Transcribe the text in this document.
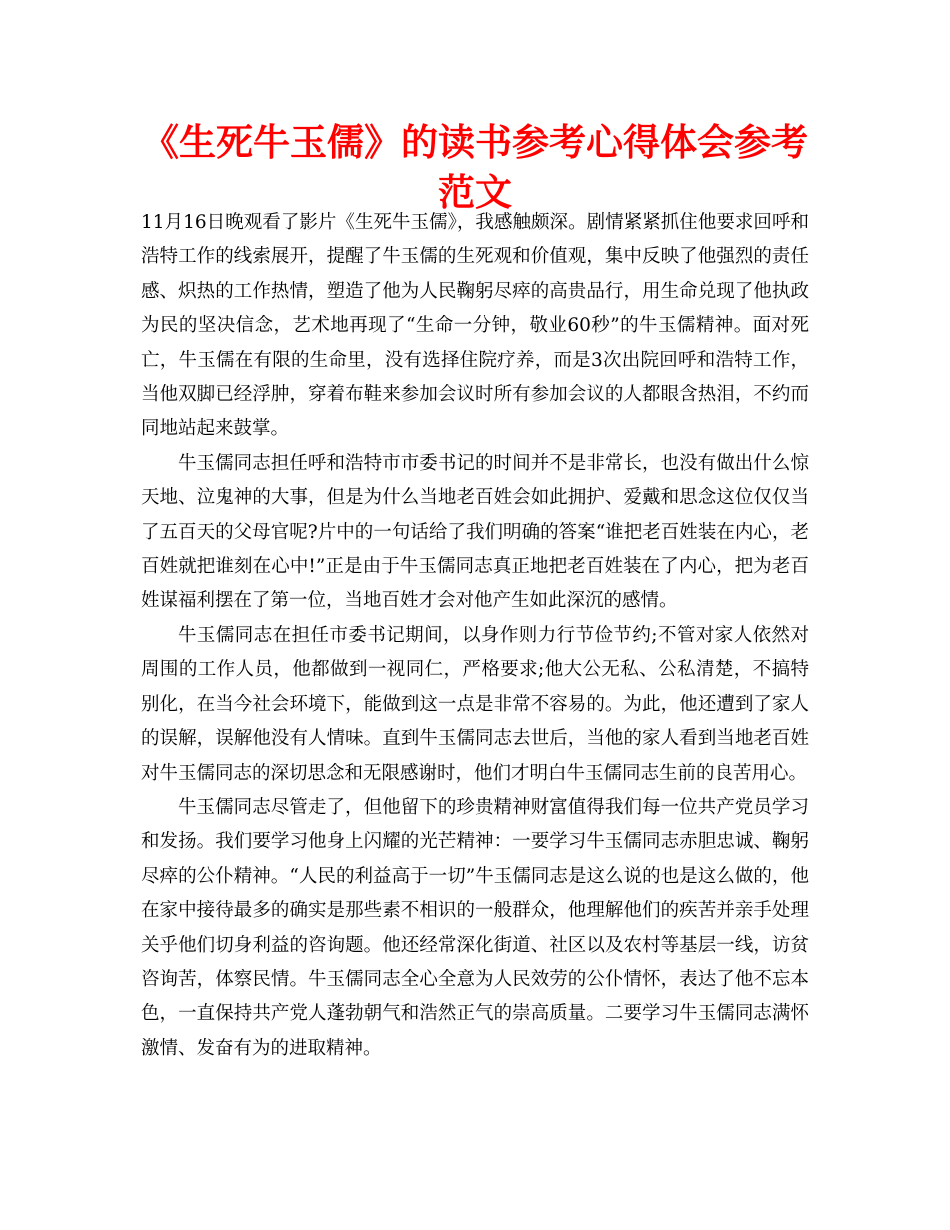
《生死牛玉儒》的读书参考心得体会参考范文

11月16日晚观看了影片《生死牛玉儒》，我感触颇深。剧情紧紧抓住他要求回呼和浩特工作的线索展开，提醒了牛玉儒的生死观和价值观，集中反映了他强烈的责任感、炽热的工作热情，塑造了他为人民鞠躬尽瘁的高贵品行，用生命兑现了他执政为民的坚决信念，艺术地再现了“生命一分钟，敬业60秒”的牛玉儒精神。面对死亡，牛玉儒在有限的生命里，没有选择住院疗养，而是3次出院回呼和浩特工作，当他双脚已经浮肿，穿着布鞋来参加会议时所有参加会议的人都眼含热泪，不约而同地站起来鼓掌。

牛玉儒同志担任呼和浩特市市委书记的时间并不是非常长，也没有做出什么惊天地、泣鬼神的大事，但是为什么当地老百姓会如此拥护、爱戴和思念这位仅仅当了五百天的父母官呢?片中的一句话给了我们明确的答案“谁把老百姓装在内心，老百姓就把谁刻在心中!”正是由于牛玉儒同志真正地把老百姓装在了内心，把为老百姓谋福利摆在了第一位，当地百姓才会对他产生如此深沉的感情。

牛玉儒同志在担任市委书记期间，以身作则力行节俭节约;不管对家人依然对周围的工作人员，他都做到一视同仁，严格要求;他大公无私、公私清楚，不搞特别化，在当今社会环境下，能做到这一点是非常不容易的。为此，他还遭到了家人的误解，误解他没有人情味。直到牛玉儒同志去世后，当他的家人看到当地老百姓对牛玉儒同志的深切思念和无限感谢时，他们才明白牛玉儒同志生前的良苦用心。

牛玉儒同志尽管走了，但他留下的珍贵精神财富值得我们每一位共产党员学习和发扬。我们要学习他身上闪耀的光芒精神：一要学习牛玉儒同志赤胆忠诚、鞠躬尽瘁的公仆精神。“人民的利益高于一切”牛玉儒同志是这么说的也是这么做的，他在家中接待最多的确实是那些素不相识的一般群众，他理解他们的疾苦并亲手处理关乎他们切身利益的咨询题。他还经常深化街道、社区以及农村等基层一线，访贫咨询苦，体察民情。牛玉儒同志全心全意为人民效劳的公仆情怀，表达了他不忘本色，一直保持共产党人蓬勃朝气和浩然正气的崇高质量。二要学习牛玉儒同志满怀激情、发奋有为的进取精神。
